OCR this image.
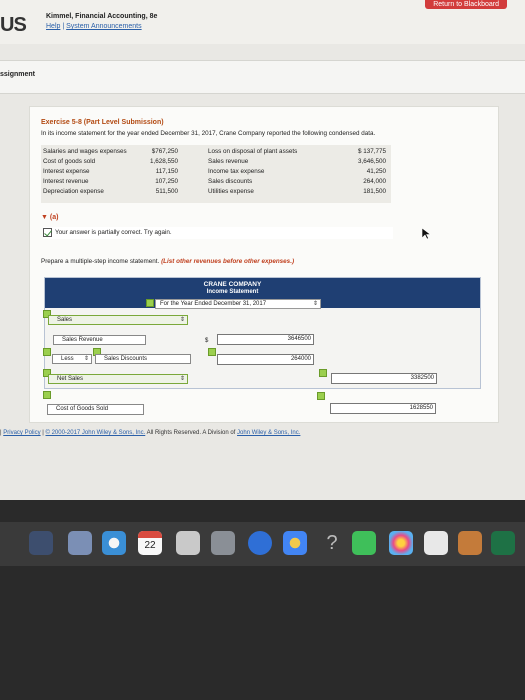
Return to Blackboard
US	Kimmel, Financial Accounting, 8e
Help | System Announcements
ssignment
Exercise 5-8 (Part Level Submission)
In its income statement for the year ended December 31, 2017, Crane Company reported the following condensed data.
Salaries and wages expenses	$767,250	Loss on disposal of plant assets	$ 137,775
Cost of goods sold	1,628,550	Sales revenue	3,646,500
Interest expense	117,150	Income tax expense	41,250
Interest revenue	107,250	Sales discounts	264,000
Depreciation expense	511,500	Utilities expense	181,500
▼ (a)
Your answer is partially correct. Try again.
Prepare a multiple-step income statement. (List other revenues before other expenses.)
CRANE COMPANY
Income Statement
For the Year Ended December 31, 2017	⇕
Sales	⇕
Sales Revenue	$	3646500
Less ⇕	Sales Discounts	264000
Net Sales	⇕	3382500
Cost of Goods Sold	1628550
| Privacy Policy | © 2000-2017 John Wiley & Sons, Inc. All Rights Reserved. A Division of John Wiley & Sons, Inc.
22	?
